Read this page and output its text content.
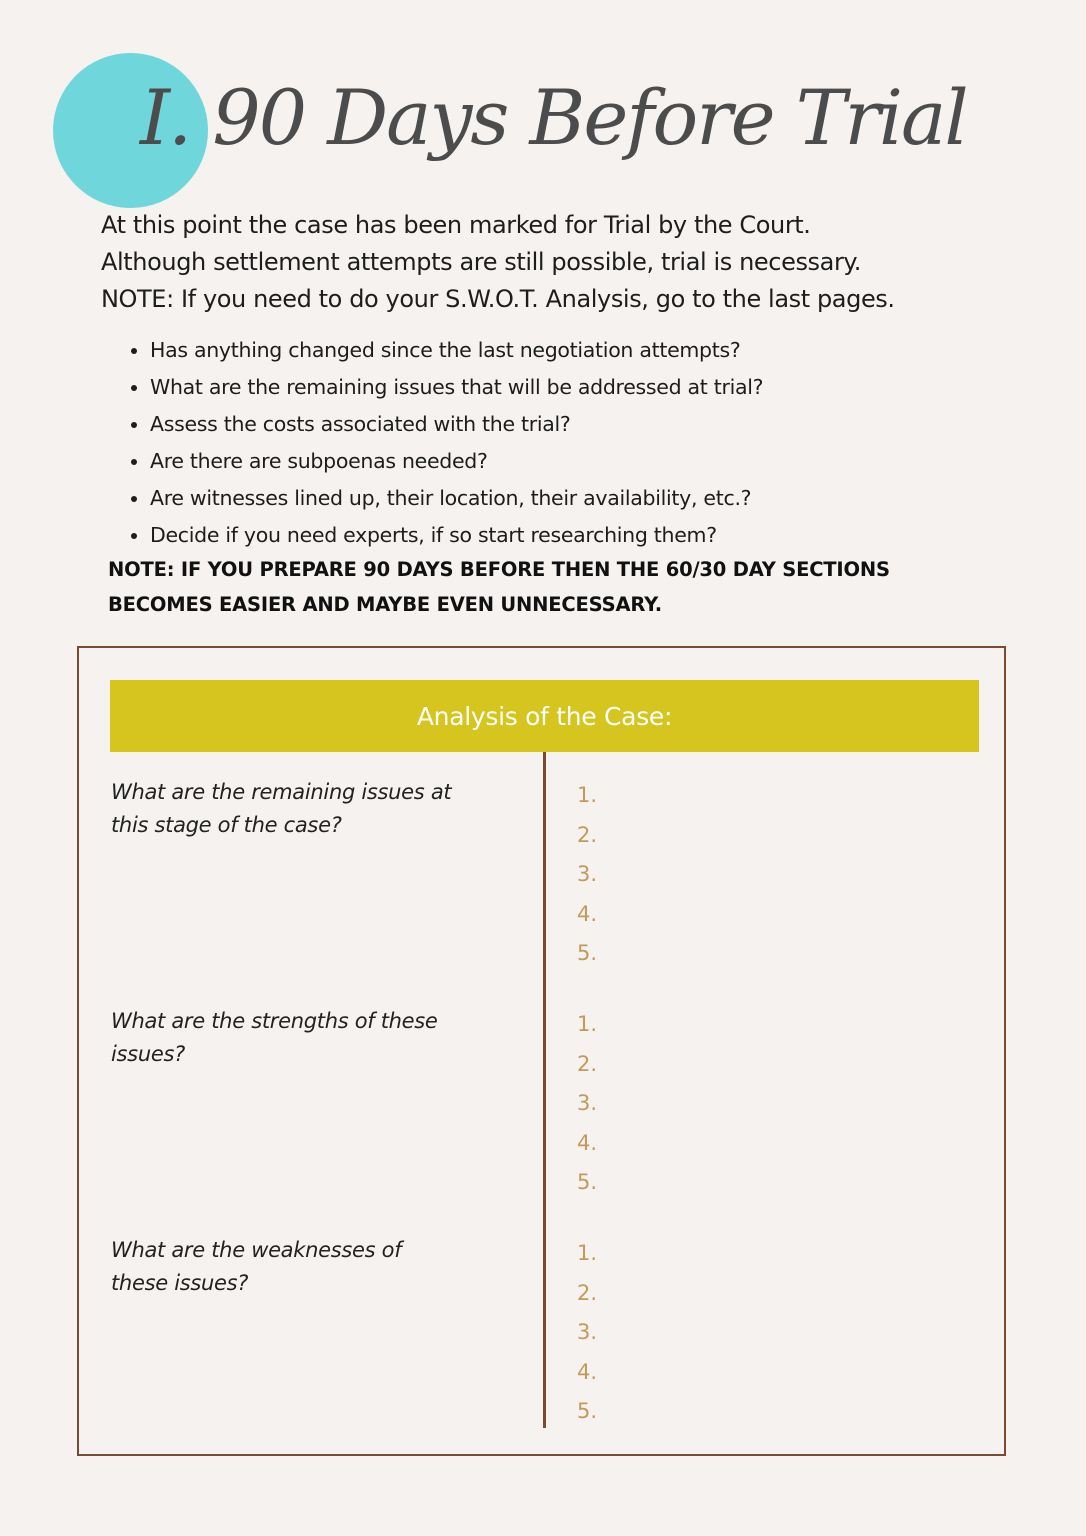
I. 90 Days Before Trial
At this point the case has been marked for Trial by the Court.
Although settlement attempts are still possible, trial is necessary.
NOTE: If you need to do your S.W.O.T. Analysis, go to the last pages.
• Has anything changed since the last negotiation attempts?
• What are the remaining issues that will be addressed at trial?
• Assess the costs associated with the trial?
• Are there are subpoenas needed?
• Are witnesses lined up, their location, their availability, etc.?
• Decide if you need experts, if so start researching them?
NOTE: IF YOU PREPARE 90 DAYS BEFORE THEN THE 60/30 DAY SECTIONS
BECOMES EASIER AND MAYBE EVEN UNNECESSARY.
Analysis of the Case:
What are the remaining issues at
this stage of the case?
1.
2.
3.
4.
5.
What are the strengths of these
issues?
1.
2.
3.
4.
5.
What are the weaknesses of
these issues?
1.
2.
3.
4.
5.
